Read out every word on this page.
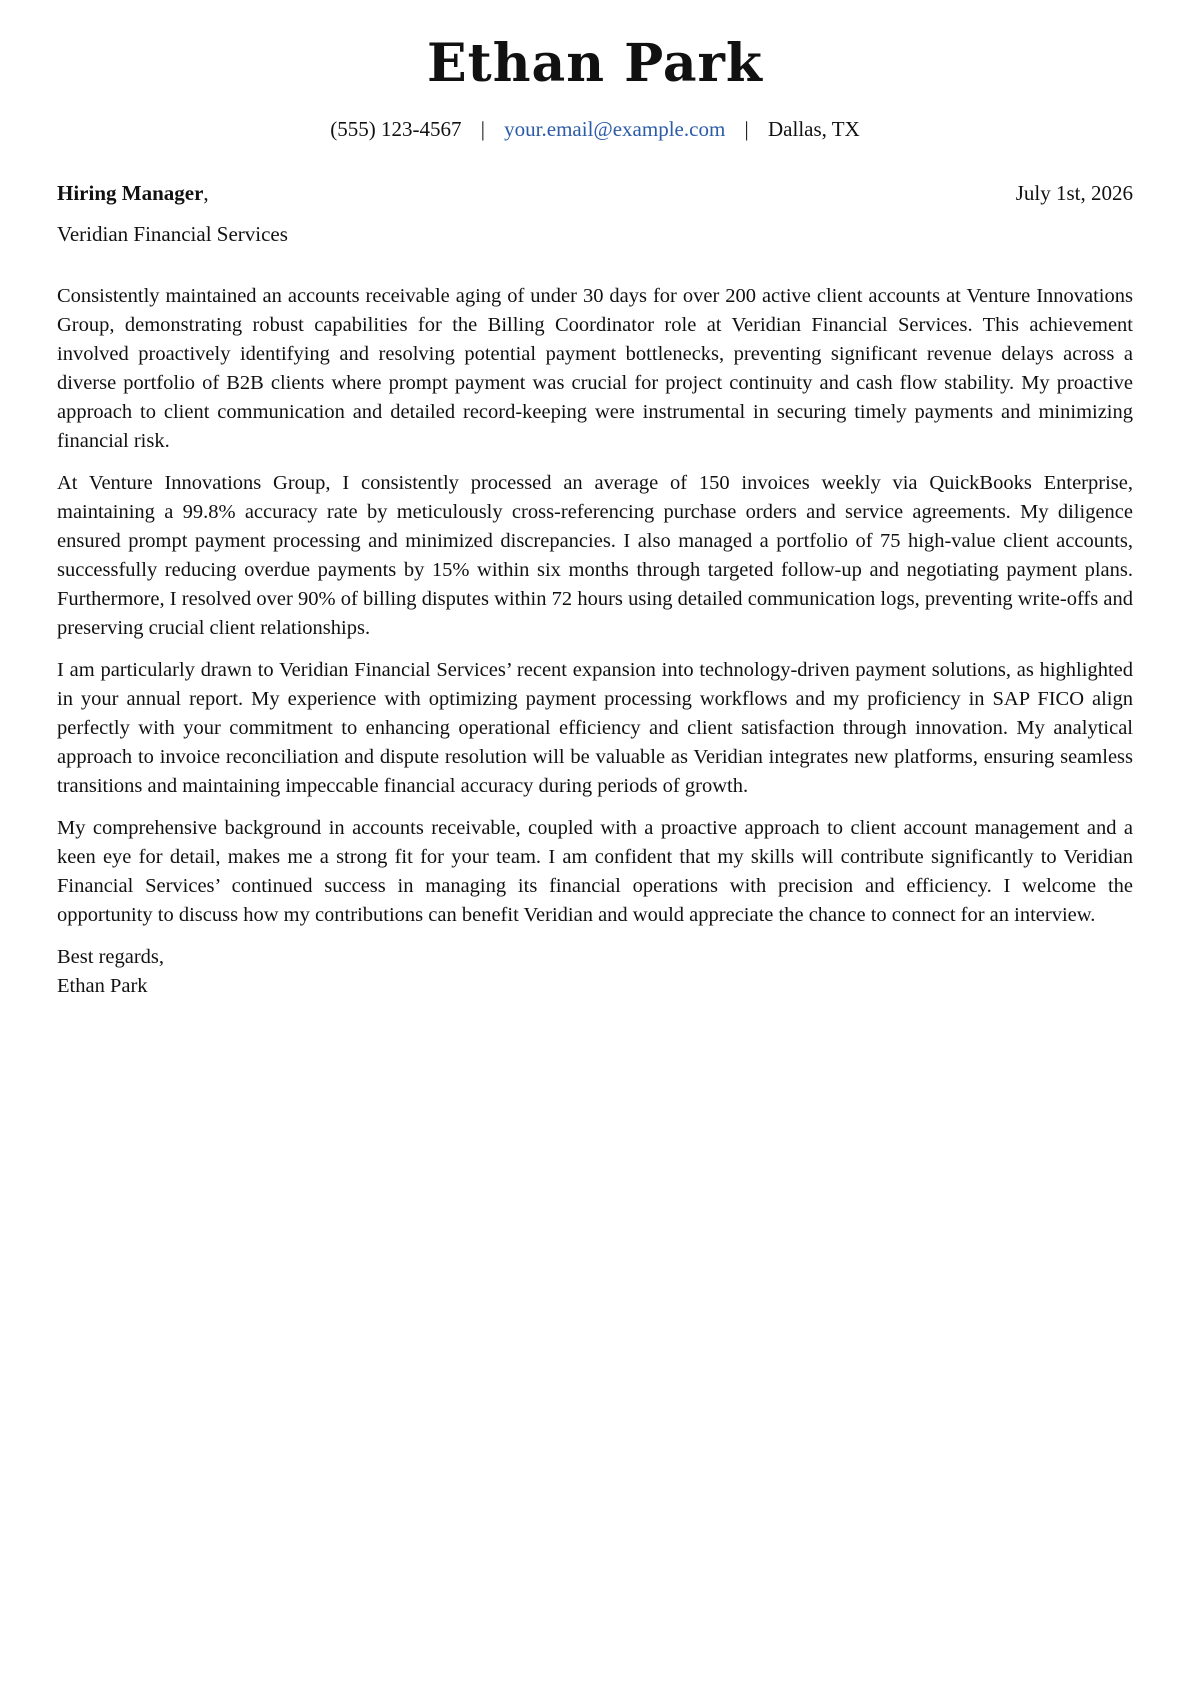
Ethan Park
(555) 123-4567 | your.email@example.com | Dallas, TX
Hiring Manager,	July 1st, 2026
Veridian Financial Services

Consistently maintained an accounts receivable aging of under 30 days for over 200 active client accounts at Venture Innovations Group, demonstrating robust capabilities for the Billing Coordinator role at Veridian Financial Services. This achievement involved proactively identifying and resolving potential payment bottlenecks, preventing significant revenue delays across a diverse portfolio of B2B clients where prompt payment was crucial for project continuity and cash flow stability. My proactive approach to client communication and detailed record-keeping were instrumental in securing timely payments and minimizing financial risk.

At Venture Innovations Group, I consistently processed an average of 150 invoices weekly via QuickBooks Enterprise, maintaining a 99.8% accuracy rate by meticulously cross-referencing purchase orders and service agreements. My diligence ensured prompt payment processing and minimized discrepancies. I also managed a portfolio of 75 high-value client accounts, successfully reducing overdue payments by 15% within six months through targeted follow-up and negotiating payment plans. Furthermore, I resolved over 90% of billing disputes within 72 hours using detailed communication logs, preventing write-offs and preserving crucial client relationships.

I am particularly drawn to Veridian Financial Services’ recent expansion into technology-driven payment solutions, as highlighted in your annual report. My experience with optimizing payment processing workflows and my proficiency in SAP FICO align perfectly with your commitment to enhancing operational efficiency and client satisfaction through innovation. My analytical approach to invoice reconciliation and dispute resolution will be valuable as Veridian integrates new platforms, ensuring seamless transitions and maintaining impeccable financial accuracy during periods of growth.

My comprehensive background in accounts receivable, coupled with a proactive approach to client account management and a keen eye for detail, makes me a strong fit for your team. I am confident that my skills will contribute significantly to Veridian Financial Services’ continued success in managing its financial operations with precision and efficiency. I welcome the opportunity to discuss how my contributions can benefit Veridian and would appreciate the chance to connect for an interview.

Best regards,
Ethan Park
